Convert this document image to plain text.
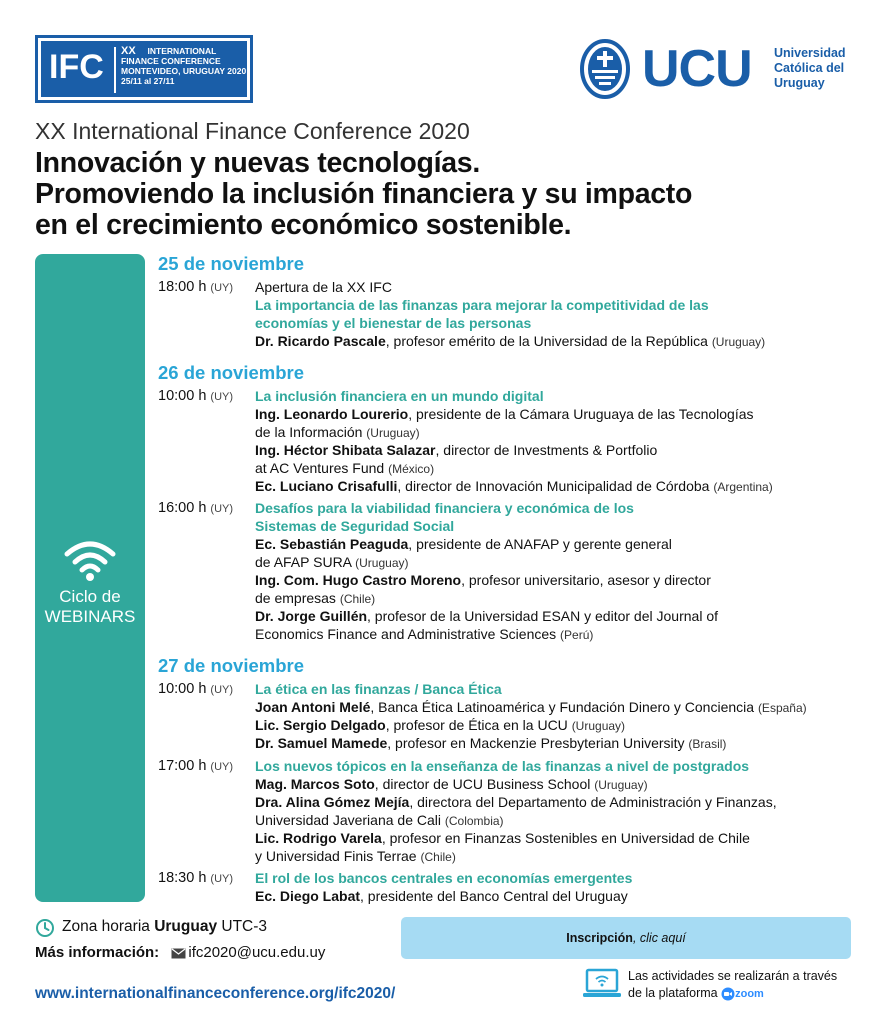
IFC XX INTERNATIONAL
FINANCE CONFERENCE
MONTEVIDEO, URUGUAY 2020
25/11 al 27/11	UCU Universidad
Católica del
Uruguay
XX International Finance Conference 2020
Innovación y nuevas tecnologías.
Promoviendo la inclusión financiera y su impacto
en el crecimiento económico sostenible.
Ciclo de
WEBINARS
25 de noviembre
18:00 h (UY) Apertura de la XX IFC
La importancia de las finanzas para mejorar la competitividad de las
economías y el bienestar de las personas
Dr. Ricardo Pascale, profesor emérito de la Universidad de la República (Uruguay)
26 de noviembre
10:00 h (UY) La inclusión financiera en un mundo digital
Ing. Leonardo Lourerio, presidente de la Cámara Uruguaya de las Tecnologías
de la Información (Uruguay)
Ing. Héctor Shibata Salazar, director de Investments & Portfolio
at AC Ventures Fund (México)
Ec. Luciano Crisafulli, director de Innovación Municipalidad de Córdoba (Argentina)
16:00 h (UY) Desafíos para la viabilidad financiera y económica de los
Sistemas de Seguridad Social
Ec. Sebastián Peaguda, presidente de ANAFAP y gerente general
de AFAP SURA (Uruguay)
Ing. Com. Hugo Castro Moreno, profesor universitario, asesor y director
de empresas (Chile)
Dr. Jorge Guillén, profesor de la Universidad ESAN y editor del Journal of
Economics Finance and Administrative Sciences (Perú)
27 de noviembre
10:00 h (UY) La ética en las finanzas / Banca Ética
Joan Antoni Melé, Banca Ética Latinoamérica y Fundación Dinero y Conciencia (España)
Lic. Sergio Delgado, profesor de Ética en la UCU (Uruguay)
Dr. Samuel Mamede, profesor en Mackenzie Presbyterian University (Brasil)
17:00 h (UY) Los nuevos tópicos en la enseñanza de las finanzas a nivel de postgrados
Mag. Marcos Soto, director de UCU Business School (Uruguay)
Dra. Alina Gómez Mejía, directora del Departamento de Administración y Finanzas,
Universidad Javeriana de Cali (Colombia)
Lic. Rodrigo Varela, profesor en Finanzas Sostenibles en Universidad de Chile
y Universidad Finis Terrae (Chile)
18:30 h (UY) El rol de los bancos centrales en economías emergentes
Ec. Diego Labat, presidente del Banco Central del Uruguay
Zona horaria Uruguay UTC-3
Más información: ifc2020@ucu.edu.uy
Inscripción, clic aquí
www.internationalfinanceconference.org/ifc2020/
Las actividades se realizarán a través
de la plataforma zoom
